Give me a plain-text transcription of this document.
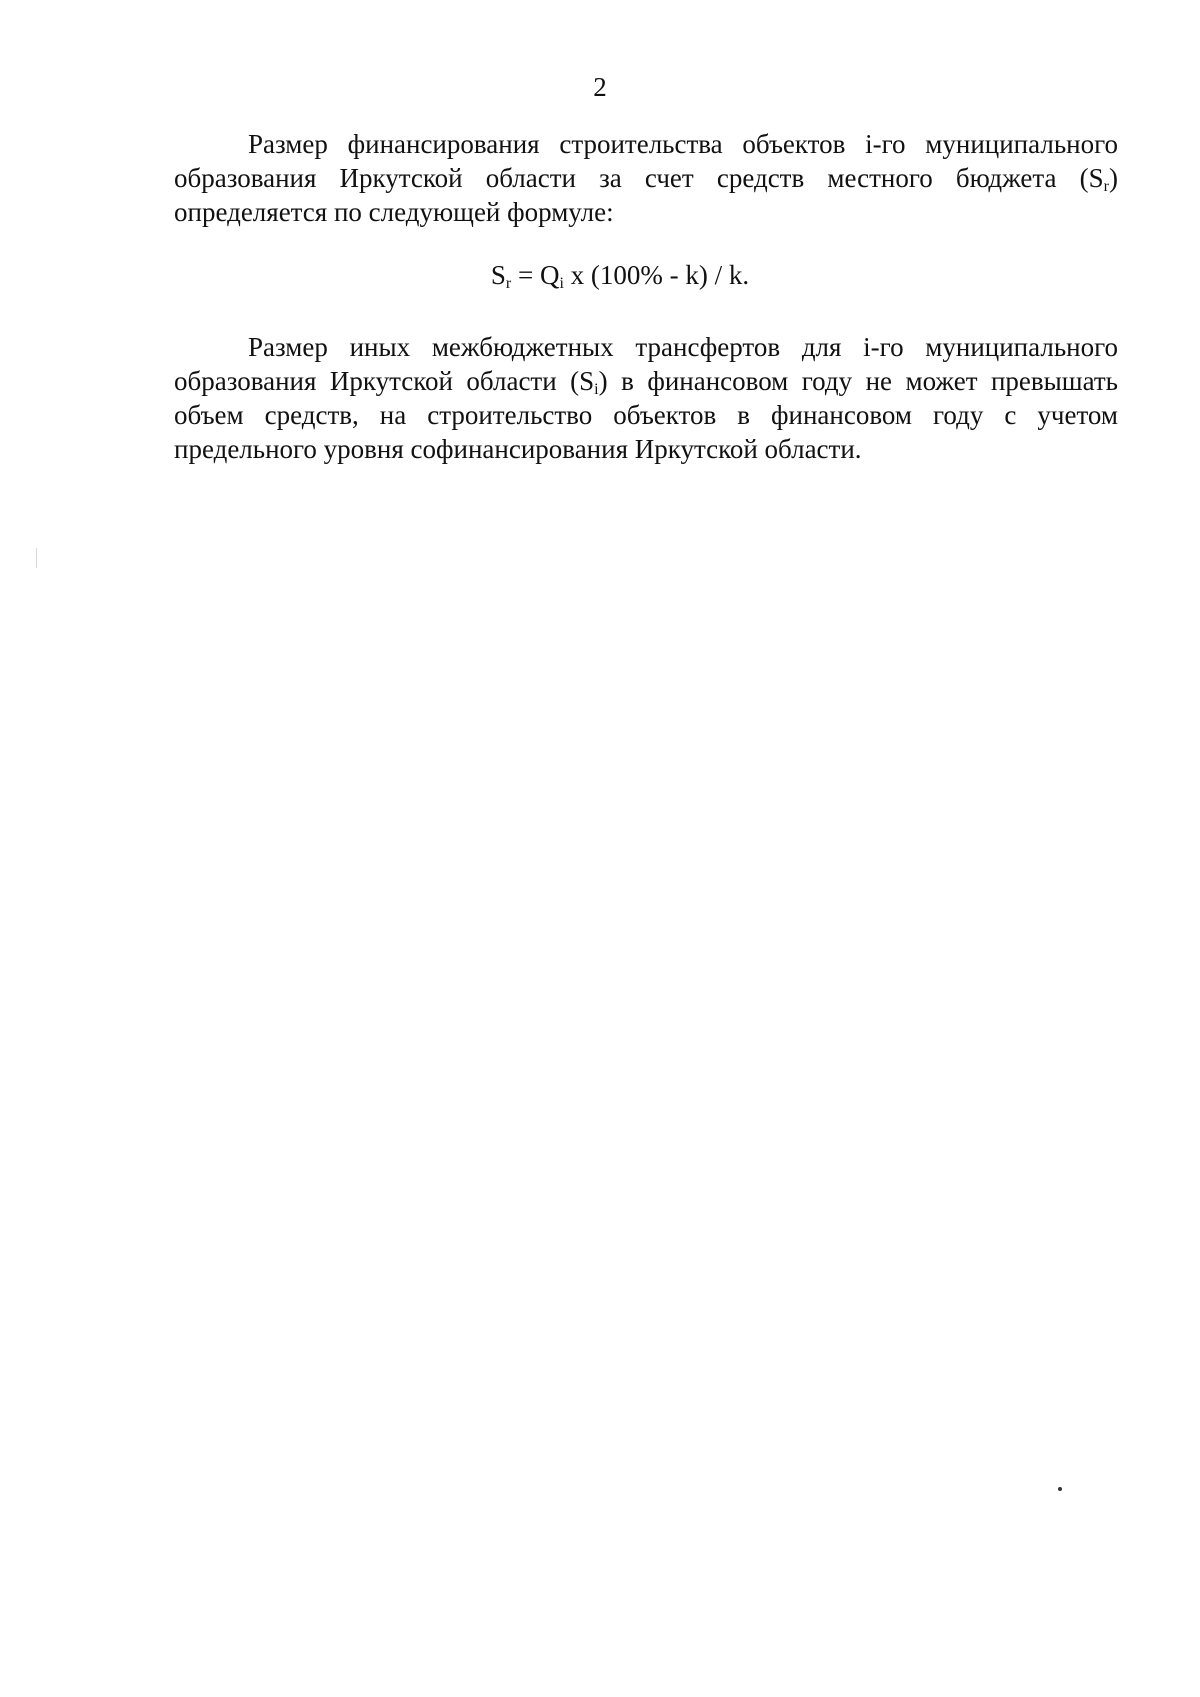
2
Размер финансирования строительства объектов i-го муниципального
образования Иркутской области за счет средств местного бюджета $(S_r)$
определяется по следующей формуле:
$S_r = Q_i$ x (100% - k) / k.
Размер иных межбюджетных трансфертов для i-го муниципального
образования Иркутской области $(S_i)$ в финансовом году не может превышать
объем средств, на строительство объектов в финансовом году с учетом
предельного уровня софинансирования Иркутской области.
